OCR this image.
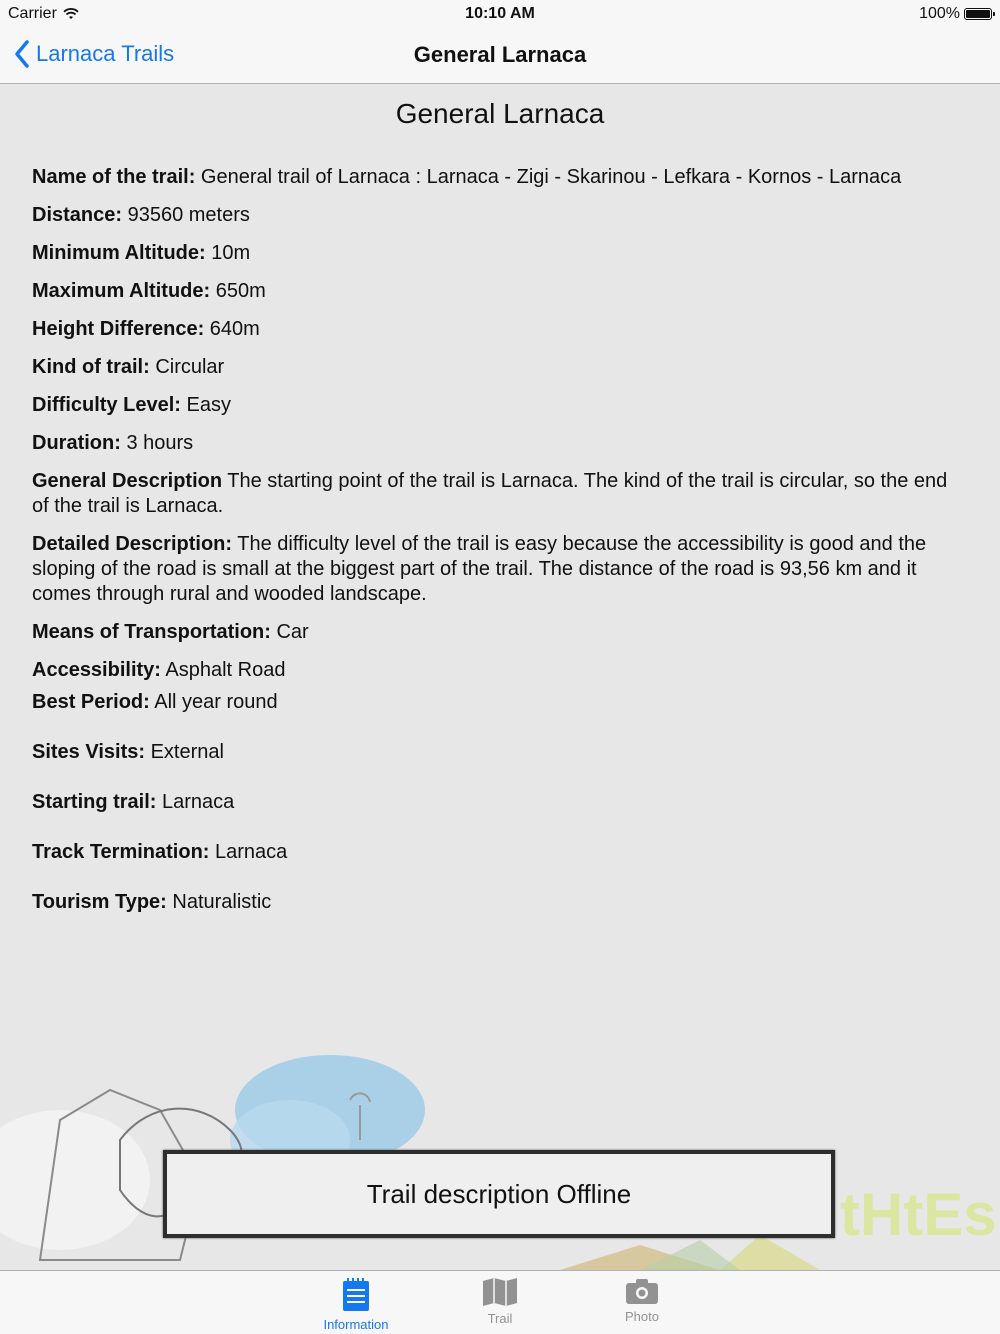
Carrier	10:10 AM	100%
Larnaca Trails	General Larnaca
General Larnaca

Name of the trail: General trail of Larnaca : Larnaca - Zigi - Skarinou - Lefkara - Kornos - Larnaca

Distance: 93560 meters

Minimum Altitude: 10m

Maximum Altitude: 650m

Height Difference: 640m

Kind of trail: Circular

Difficulty Level: Easy

Duration: 3 hours

General Description The starting point of the trail is Larnaca. The kind of the trail is circular, so the end of the trail is Larnaca.

Detailed Description: The difficulty level of the trail is easy because the accessibility is good and the sloping of the road is small at the biggest part of the trail. The distance of the road is 93,56 km and it comes through rural and wooded landscape.

Means of Transportation: Car

Accessibility: Asphalt Road

Best Period: All year round

Sites Visits: External

Starting trail: Larnaca

Track Termination: Larnaca

Tourism Type: Naturalistic

tHtEs
Trail description Offline
Information	Trail	Photo
